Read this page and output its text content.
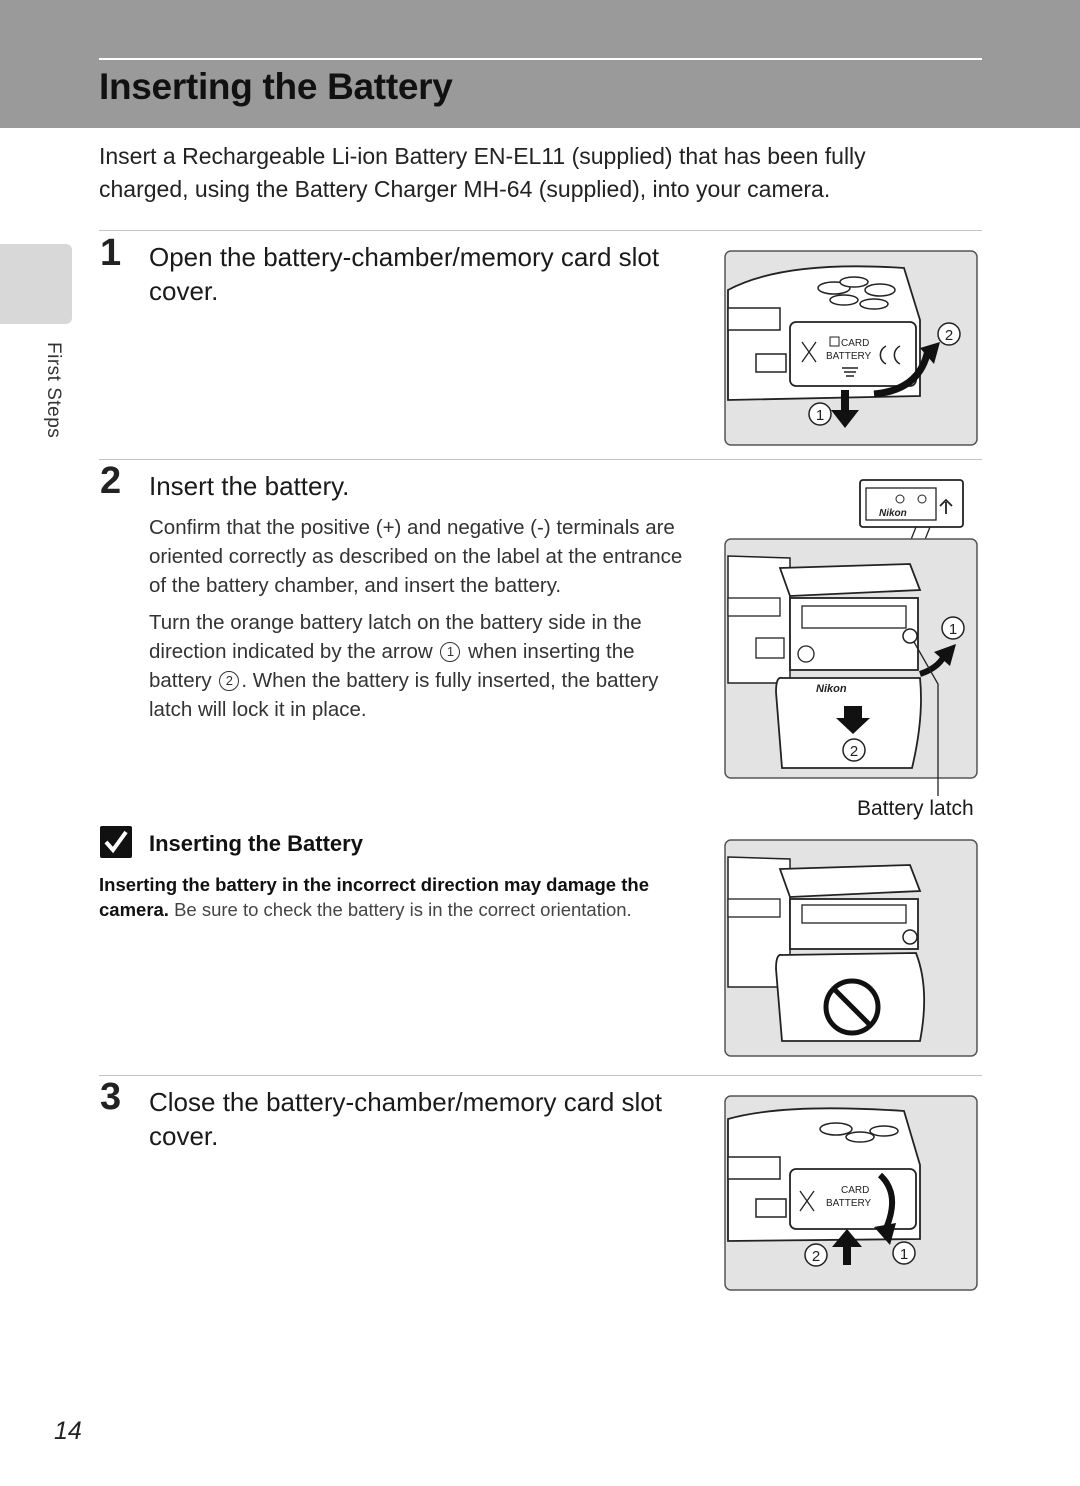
Inserting the Battery

Insert a Rechargeable Li-ion Battery EN-EL11 (supplied) that has been fully charged, using the Battery Charger MH-64 (supplied), into your camera.

First Steps
1 Open the battery-chamber/memory card slot cover.
CARD
BATTERY
2
1
2 Insert the battery.

Confirm that the positive (+) and negative (-) terminals are oriented correctly as described on the label at the entrance of the battery chamber, and insert the battery.

Turn the orange battery latch on the battery side in the direction indicated by the arrow 1 when inserting the battery 2 . When the battery is fully inserted, the battery latch will lock it in place.

Nikon
Nikon
2
1
Battery latch
Inserting the Battery

Inserting the battery in the incorrect direction may damage the camera. Be sure to check the battery is in the correct orientation.

3 Close the battery-chamber/memory card slot cover.
CARD
BATTERY
2	1
14
